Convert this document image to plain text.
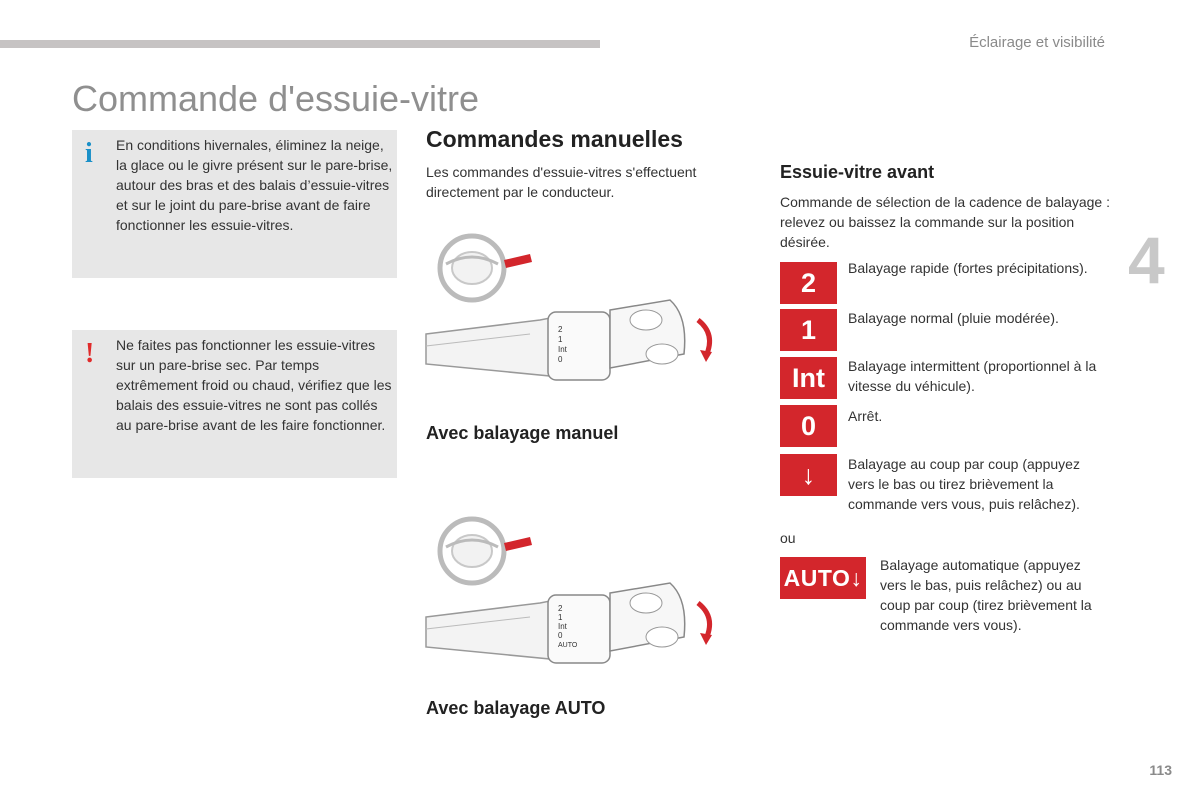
Éclairage et visibilité
Commande d'essuie-vitre
4
113
i En conditions hivernales, éliminez la neige, la glace ou le givre présent sur le pare-brise, autour des bras et des balais d’essuie-vitres et sur le joint du pare-brise avant de faire fonctionner les essuie-vitres.
! Ne faites pas fonctionner les essuie-vitres sur un pare-brise sec. Par temps extrêmement froid ou chaud, vérifiez que les balais des essuie-vitres ne sont pas collés au pare-brise avant de les faire fonctionner.
Commandes manuelles
Les commandes d'essuie-vitres s'effectuent directement par le conducteur.
2
1
Int
0
Avec balayage manuel
2
1
Int
0
AUTO
Avec balayage AUTO
Essuie-vitre avant
Commande de sélection de la cadence de balayage : relevez ou baissez la commande sur la position désirée.
2	Balayage rapide (fortes précipitations).
1	Balayage normal (pluie modérée).
Int	Balayage intermittent (proportionnel à la vitesse du véhicule).
0	Arrêt.
↓	Balayage au coup par coup (appuyez vers le bas ou tirez brièvement la commande vers vous, puis relâchez).
ou
AUTO↓ Balayage automatique (appuyez vers le bas, puis relâchez) ou au coup par coup (tirez brièvement la commande vers vous).
